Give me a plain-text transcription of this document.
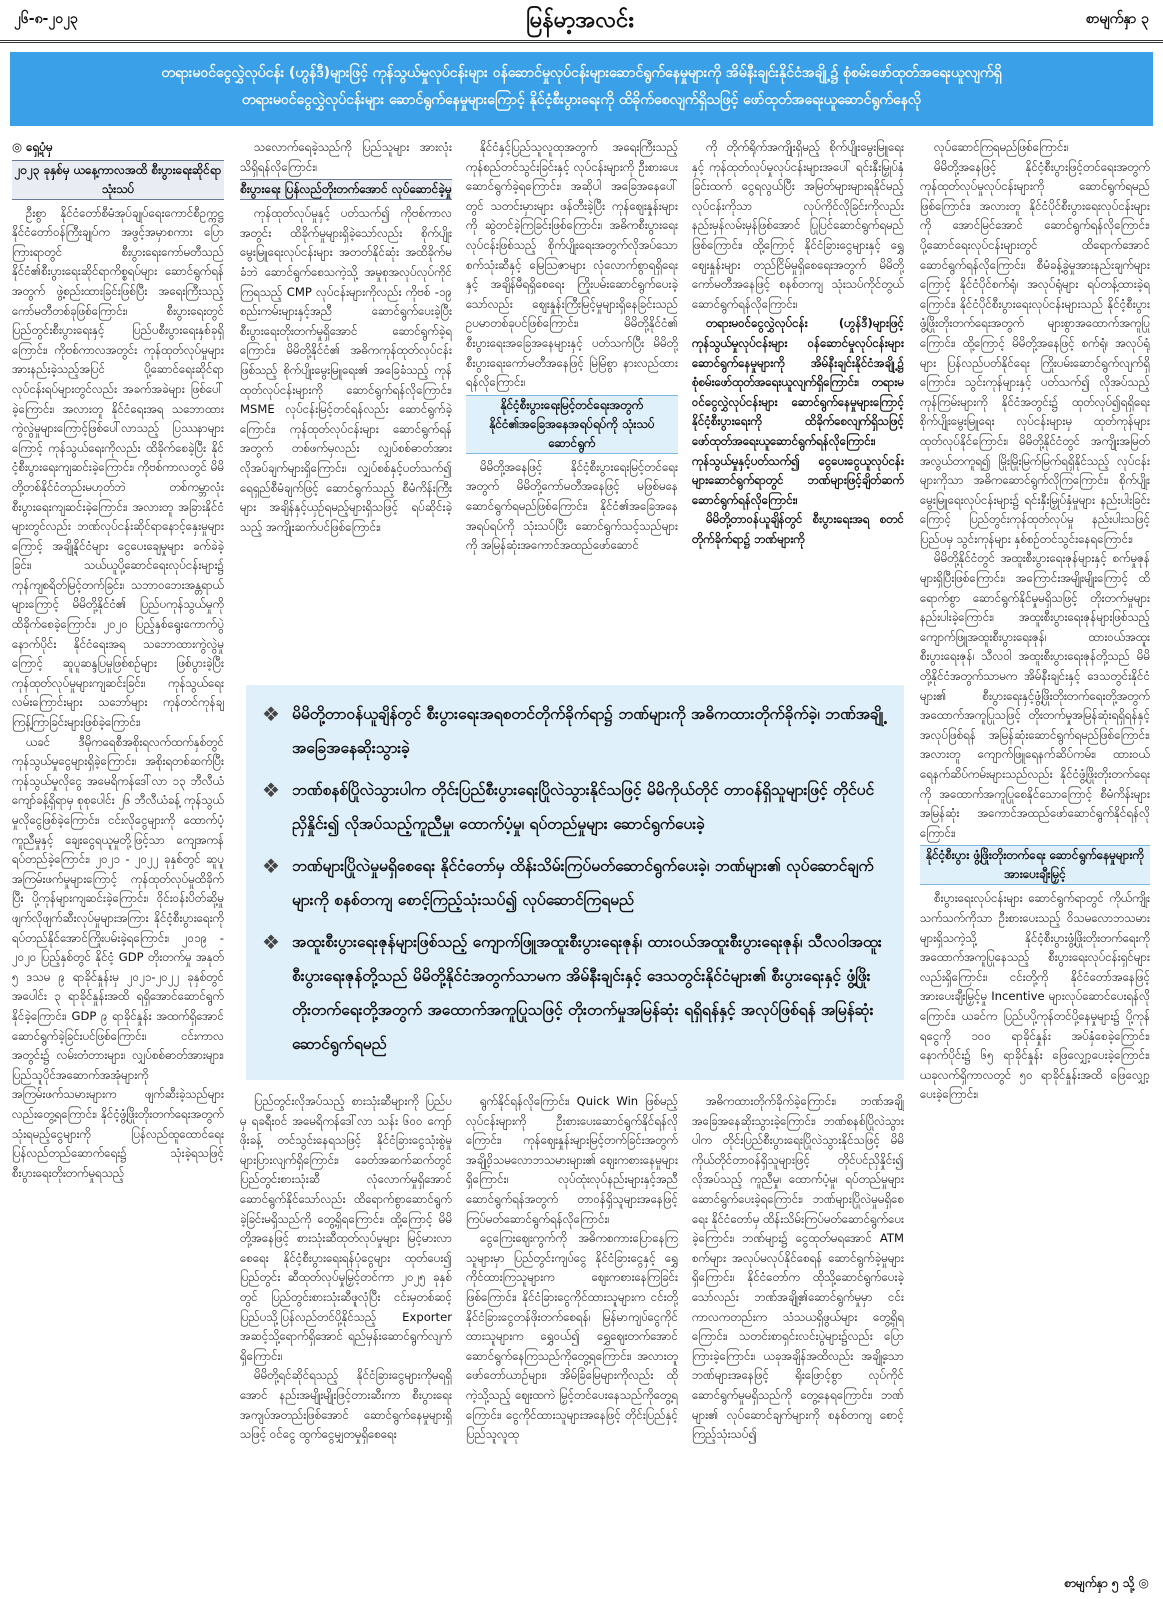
၂၆-၈-၂၀၂၃	မြန်မာ့အလင်း	စာမျက်နှာ ၃

တရားမဝင်ငွေလွှဲလုပ်ငန်း (ဟွန်ဒီ)များဖြင့် ကုန်သွယ်မှုလုပ်ငန်းများ ဝန်ဆောင်မှုလုပ်ငန်းများဆောင်ရွက်နေမှုများကို အိမ်နီးချင်းနိုင်ငံအချို့၌ စုံစမ်းဖော်ထုတ်အရေးယူလျက်ရှိ

တရားမဝင်ငွေလွှဲလုပ်ငန်းများ ဆောင်ရွက်နေမှုများကြောင့် နိုင်ငံ့စီးပွားရေးကို ထိခိုက်စေလျက်ရှိသဖြင့် ဖော်ထုတ်အရေးယူဆောင်ရွက်နေလို

◎ ရှေ့ပုံမှ
၂၀၂၃ ခုနှစ်မှ ယနေ့ကာလအထိ စီးပွားရေးဆိုင်ရာသုံးသပ်

ဦးစွာ နိုင်ငံတော်စီမံအုပ်ချုပ်ရေးကောင်စီဥက္ကဋ္ဌ နိုင်ငံတော်ဝန်ကြီးချုပ်က အဖွင့်အမှာစကား ပြောကြားရာတွင် စီးပွားရေးကော်မတီသည် နိုင်ငံ၏စီးပွားရေးဆိုင်ရာကိစ္စရပ်များ ဆောင်ရွက်ရန်အတွက် ဖွဲ့စည်းထားခြင်းဖြစ်ပြီး အရေးကြီးသည့် ကော်မတီတစ်ခုဖြစ်ကြောင်း၊ စီးပွားရေးတွင် ပြည်တွင်းစီးပွားရေးနှင့် ပြည်ပစီးပွားရေးနှစ်ခုရှိကြောင်း၊ ကိုဗစ်ကာလအတွင်း ကုန်ထုတ်လုပ်မှုများ အားနည်းခဲ့သည့်အပြင် ပို့ဆောင်ရေးဆိုင်ရာ လုပ်ငန်းရပ်များတွင်လည်း အခက်အခဲများ ဖြစ်ပေါ်ခဲ့ကြောင်း၊ အလားတူ နိုင်ငံရေးအရ သဘောထားကွဲလွဲမှုများကြောင့်ဖြစ်ပေါ်လာသည့် ပြဿနာများကြောင့် ကုန်သွယ်ရေးကိုလည်း ထိခိုက်စေခဲ့ပြီး နိုင်ငံ့စီးပွားရေးကျဆင်းခဲ့ကြောင်း၊ ကိုဗစ်ကာလတွင် မိမိတို့တစ်နိုင်ငံတည်းမဟုတ်ဘဲ တစ်ကမ္ဘာလုံး စီးပွားရေးကျဆင်းခဲ့ကြောင်း၊ အလားတူ အခြားနိုင်ငံများတွင်လည်း ဘဏ်လုပ်ငန်းဆိုင်ရာနောင့်နှေးမှုများကြောင့် အချို့နိုင်ငံများ ငွေပေးချေမှုများ ခက်ခဲခဲ့ခြင်း၊ သယ်ယူပို့ဆောင်ရေးလုပ်ငန်းများ၌ ကုန်ကျစရိတ်မြင့်တက်ခြင်း၊ သဘာဝဘေးအန္တရာယ်များကြောင့် မိမိတို့နိုင်ငံ၏ ပြည်ပကုန်သွယ်မှုကို ထိခိုက်စေခဲ့ကြောင်း၊ ၂၀၂၀ ပြည့်နှစ်ရွေးကောက်ပွဲနောက်ပိုင်း နိုင်ငံရေးအရ သဘောထားကွဲလွဲမှုကြောင့် ဆူပူဆန္ဒပြမှုဖြစ်စဉ်များ ဖြစ်ပွားခဲ့ပြီး ကုန်ထုတ်လုပ်မှုများကျဆင်းခြင်း၊ ကုန်သွယ်ရေးလမ်းကြောင်းများ သဘော်များ ကုန်တင်ကုန်ချကြန့်ကြာခြင်းများဖြစ်ခဲ့ကြောင်း၊

ယခင် ဒီမိုကရေစီအစိုးရလက်ထက်နှစ်တွင် ကုန်သွယ်မှုငွေများရှိခဲ့ကြောင်း၊ အစိုးရတစ်ဆက်ပြီး ကုန်သွယ်မှုလိုငွေ အမေရိကန်ဒေါ်လာ ၁၃ ဘီလီယံကျော်ခန့်ရှိရာမှ စုစုပေါင်း ၂၆ ဘီလီယံခန့် ကုန်သွယ်မှုလိုငွေဖြစ်ခဲ့ကြောင်း၊ ငင်းလိုငွေများကို ထောက်ပံ့ကူညီမှုနှင့် ချေးငွေရယူမှုတို့ဖြင့်သာ ကျေအကန် ရပ်တည်ခဲ့ကြောင်း၊ ၂၀၂၁ - ၂၀၂၂ ခုနှစ်တွင် ဆူပူအကြမ်းဖက်မှုများကြောင့် ကုန်ထုတ်လုပ်မှုထိခိုက်ပြီး ပို့ကုန်များကျဆင်းခဲ့ကြောင်း၊ ဝိုင်းဝန်းပိတ်ဆို့မှုဖျက်လိုဖျက်ဆီးလုပ်မှုများအကြား နိုင်ငံ့စီးပွားရေးကို ရပ်တည်နိုင်အောင်ကြိုးပမ်းခဲ့ရကြောင်း၊ ၂၀၁၉ - ၂၀၂၀ ပြည့်နှစ်တွင် နိုင်ငံ့ GDP တိုးတက်မှု အနုတ် ၅ ဒသမ ၉ ရာခိုင်နှုန်းမှ ၂၀၂၁-၂၀၂၂ ခုနှစ်တွင် အပေါင်း ၃ ရာခိုင်နှုန်းအထိ ရရှိအောင်ဆောင်ရွက်နိုင်ခဲ့ကြောင်း၊ GDP ၉ ရာခိုင်နှုန်း အထက်ရှိအောင် ဆောင်ရွက်ခဲ့ခြင်းပင်ဖြစ်ကြောင်း၊ ငင်းကာလအတွင်း၌ လမ်းတံတားများ၊ လျှပ်စစ်ဓာတ်အားများ၊ ပြည်သူပိုင်အဆောက်အအုံများကို အကြမ်းဖက်သမားများက ဖျက်ဆီးခဲ့သည်များလည်းတွေ့ရကြောင်း၊ နိုင်ငံ့ဖွံ့ဖြိုးတိုးတက်ရေးအတွက် သုံးရမည့်ငွေများကို ပြန်လည်ထူထောင်ရေး ပြန်လည်တည်ဆောက်ရေး၌ သုံးခဲ့ရသဖြင့် စီးပွားရေးတိုးတက်မှုရသည့်

သလောက်ရေခဲ့သည်ကို ပြည်သူများ အားလုံး သိရှိရန်လိုကြောင်း၊

စီးပွားရေး ပြန်လည်တိုးတက်အောင် လုပ်ဆောင်ခဲ့မှု

ကုန်ထုတ်လုပ်မှုနှင့် ပတ်သက်၍ ကိုဗစ်ကာလအတွင်း ထိခိုက်မှုများရှိခဲ့သော်လည်း စိုက်ပျိုးမွေးမြူရေးလုပ်ငန်းများ အတတ်နိုင်ဆုံး အထိခိုက်မခံဘဲ ဆောင်ရွက်စေသကဲ့သို့ အမှုစုအလုပ်လုပ်ကိုင်ကြရသည့် CMP လုပ်ငန်းများကိုလည်း ကိုဗစ် -၁၉ စည်းကမ်းများနှင့်အညီ ဆောင်ရွက်ပေးခဲ့ပြီး စီးပွားရေးတိုးတက်မှုရှိအောင် ဆောင်ရွက်ခဲ့ရကြောင်း၊ မိမိတို့နိုင်ငံ၏ အဓိကကုန်ထုတ်လုပ်ငန်းဖြစ်သည့် စိုက်ပျိုးမွေးမြူရေး၏ အခြေခံသည့် ကုန်ထုတ်လုပ်ငန်းများကို ဆောင်ရွက်ရန်လိုကြောင်း၊ MSME လုပ်ငန်းမြင့်တင်ရန်လည်း ဆောင်ရွက်ခဲ့ကြောင်း၊ ကုန်ထုတ်လုပ်ငန်းများ ဆောင်ရွက်ရန်အတွက် တစ်ဖက်မှလည်း လျှပ်စစ်ဓာတ်အားလိုအပ်ချက်များရှိကြောင်း၊ လျှပ်စစ်နှင့်ပတ်သက်၍ ရေရှည်စီမံချက်ဖြင့် ဆောင်ရွက်သည့် စီမံကိန်းကြီးများ အချိန်နှင့်ယှဉ်ရမည့်များရှိသဖြင့် ရပ်ဆိုင်းခဲ့သည့် အကျိုးဆက်ပင်ဖြစ်ကြောင်း၊

ပြည်တွင်းလိုအပ်သည့် စားသုံးဆီများကို ပြည်ပမှ ရခရီးဝင် အမေရိကန်ဒေါ်လာ သန်း ၆၀၀ ကျော်ဖိုးခန့် တင်သွင်းနေရသဖြင့် နိုင်ငံခြားငွေသုံးစွဲမှု များပြားလျက်ရှိကြောင်း၊ ခေတ်အဆက်ဆက်တွင် ပြည်တွင်းစားသုံးဆီ လုံလောက်မှုရှိအောင် ဆောင်ရွက်နိုင်သော်လည်း ထိရောက်စွာဆောင်ရွက်ခဲ့ခြင်းမရှိသည်ကို တွေ့ရှိရကြောင်း၊ ထို့ကြောင့် မိမိတို့အနေဖြင့် စားသုံးဆီထုတ်လုပ်မှုများ မြင့်မားလာစေရေး နိုင်ငံ့စီးပွားရေးရန်ပုံငွေများ ထုတ်ပေး၍ ပြည်တွင်း ဆီထုတ်လုပ်မှုမြှင့်တင်ကာ ၂၀၂၅ ခုနှစ်တွင် ပြည်တွင်းစားသုံးဆီဖူလုံပြီး ငင်းမှတစ်ဆင့် ပြည်ပသို့ပြန်လည်တင်ပို့နိုင်သည့် Exporter အဆင့်သို့ရောက်ရှိအောင် ရည်မှန်းဆောင်ရွက်လျက်ရှိကြောင်း၊

မိမိတို့ရင်ဆိုင်ရသည့် နိုင်ငံခြားငွေများကိုမရရှိအောင် နည်းအမျိုးမျိုးဖြင့်တားဆီးကာ စီးပွားရေးအကျပ်အတည်းဖြစ်အောင် ဆောင်ရွက်နေမှုများရှိသဖြင့် ဝင်ငွေ ထွက်ငွေမျှတမှုရှိစေရေး

နိုင်ငံနှင့်ပြည်သူလူထုအတွက် အရေးကြီးသည့် ကုန်စည်တင်သွင်းခြင်းနှင့် လုပ်ငန်းများကို ဦးစားပေးဆောင်ရွက်ခဲ့ရကြောင်း၊ အဆိုပါ အခြေအနေပေါ်တွင် သတင်းမှားများ ဖန်တီးခဲ့ပြီး ကုန်ဈေးနှုန်းများကို ဆွဲတင်ခဲ့ကြခြင်းဖြစ်ကြောင်း၊ အဓိကစီးပွားရေးလုပ်ငန်းဖြစ်သည့် စိုက်ပျိုးရေးအတွက်လိုအပ်သော စက်သုံးဆီနှင့် မြေသြဇာများ လုံလောက်စွာရရှိရေးနှင့် အချိန်မီရရှိစေရေး ကြိုးပမ်းဆောင်ရွက်ပေးခဲ့သော်လည်း ဈေးနှုန်းကြီးမြင့်မှုများရှိနေခြင်းသည် ဥပမာတစ်ခုပင်ဖြစ်ကြောင်း၊ မိမိတို့နိုင်ငံ၏ စီးပွားရေးအခြေအနေများနှင့် ပတ်သက်ပြီး မိမိတို့စီးပွားရေးကော်မတီအနေဖြင့် မြဲမြံစွာ နားလည်ထားရန်လိုကြောင်း၊

နိုင်ငံ့စီးပွားရေးမြင့်တင်ရေးအတွက် နိုင်ငံ၏အခြေအနေအရပ်ရပ်ကို သုံးသပ်ဆောင်ရွက်

မိမိတို့အနေဖြင့် နိုင်ငံ့စီးပွားရေးမြင့်တင်ရေးအတွက် မိမိတို့ကော်မတီအနေဖြင့် မဖြစ်မနေ ဆောင်ရွက်ရမည်ဖြစ်ကြောင်း၊ နိုင်ငံ၏အခြေအနေအရပ်ရပ်ကို သုံးသပ်ပြီး ဆောင်ရွက်သင့်သည်များကို အမြန်ဆုံးအကောင်အထည်ဖော်ဆောင်

ရွက်နိုင်ရန်လိုကြောင်း၊ Quick Win ဖြစ်မည့်လုပ်ငန်းများကို ဦးစားပေးဆောင်ရွက်နိုင်ရန်လိုကြောင်း၊ ကုန်ဈေးနှုန်းများမြင့်တက်ခြင်းအတွက် အချို့ဝိသမလောဘသမားများ၏ ဈေးကစားနေမှုများရှိကြောင်း၊ လုပ်ထုံးလုပ်နည်းများနှင့်အညီ ဆောင်ရွက်ရန်အတွက် တာဝန်ရှိသူများအနေဖြင့် ကြပ်မတ်ဆောင်ရွက်ရန်လိုကြောင်း၊

ငွေကြေးဈေးကွက်ကို အဓိကစကားပြောနေကြသူများမှာ ပြည်တွင်းကျပ်ငွေ နိုင်ငံခြားငွေနှင့် ရွှေကိုင်ထားကြသူများက ဈေးကစားနေကြခြင်းဖြစ်ကြောင်း၊ နိုင်ငံခြားငွေကိုင်ထားသူများက ငင်းတို့နိုင်ငံခြားငွေတန်ဖိုးတက်စေရန်၊ မြန်မာကျပ်ငွေကိုင်ထားသူများက ရွှေဝယ်၍ ရွှေဈေးတက်အောင် ဆောင်ရွက်နေကြသည်ကိုတွေ့ရကြောင်း၊ အလားတူ ဖော်တော်ယာဉ်များ၊ အိမ်ခြံမြေများကိုလည်း ထိုကဲ့သို့သည့် ဈေးထကဲ မြှင့်တင်ပေးနေသည်ကိုတွေ့ရကြောင်း၊ ငွေကိုင်ထားသူများအနေဖြင့် တိုင်းပြည်နှင့် ပြည်သူလူထု

ကို တိုက်ရိုက်အကျိုးရှိမည့် စိုက်ပျိုးမွေးမြူရေးနှင့် ကုန်ထုတ်လုပ်မှုလုပ်ငန်းများအပေါ် ရင်းနှီးမြှုပ်နှံခြင်းထက် ငွေရလွယ်ပြီး အမြတ်များများရနိုင်မည့် လုပ်ငန်းကိုသာ လုပ်ကိုင်လိုခြင်းကိုလည်း နည်းမှန်လမ်းမှန်ဖြစ်အောင် ပြုပြင်ဆောင်ရွက်ရမည်ဖြစ်ကြောင်း၊ ထို့ကြောင့် နိုင်ငံခြားငွေများနှင့် ရွှေဈေးနှုန်းများ တည်ငြိမ်မှုရှိစေရေးအတွက် မိမိတို့ကော်မတီအနေဖြင့် စနစ်တကျ သုံးသပ်ကိုင်တွယ်ဆောင်ရွက်ရန်လိုကြောင်း၊

တရားမဝင်ငွေလွှဲလုပ်ငန်း (ဟွန်ဒီ)များဖြင့် ကုန်သွယ်မှုလုပ်ငန်းများ ဝန်ဆောင်မှုလုပ်ငန်းများဆောင်ရွက်နေမှုများကို အိမ်နီးချင်းနိုင်ငံအချို့၌ စုံစမ်းဖော်ထုတ်အရေးယူလျက်ရှိကြောင်း၊ တရားမဝင်ငွေလွှဲလုပ်ငန်းများ ဆောင်ရွက်နေမှုများကြောင့် နိုင်ငံ့စီးပွားရေးကို ထိခိုက်စေလျက်ရှိသဖြင့် ဖော်ထုတ်အရေးယူဆောင်ရွက်ရန်လိုကြောင်း၊ ကုန်သွယ်မှုနှင့်ပတ်သက်၍ ငွေပေးငွေယူလုပ်ငန်းများဆောင်ရွက်ရာတွင် ဘဏ်များဖြင့်ချိတ်ဆက်ဆောင်ရွက်ရန်လိုကြောင်း၊

မိမိတို့တာဝန်ယူချိန်တွင် စီးပွားရေးအရ စတင်တိုက်ခိုက်ရာ၌ ဘဏ်များကို

အဓိကထားတိုက်ခိုက်ခဲ့ကြောင်း၊ ဘဏ်အချို့ အခြေအနေဆိုးသွားခဲ့ကြောင်း၊ ဘဏ်စနစ်ပြိုလဲသွားပါက တိုင်းပြည်စီးပွားရေးပြိုလဲသွားနိုင်သဖြင့် မိမိကိုယ်တိုင်တာဝန်ရှိသူများဖြင့် တိုင်ပင်ညှိနှိုင်း၍ လိုအပ်သည့် ကူညီမှု၊ ထောက်ပံ့မှု၊ ရပ်တည်မှုများဆောင်ရွက်ပေးခဲ့ရကြောင်း၊ ဘဏ်များပြိုလဲမှုမရှိစေရေး နိုင်ငံတော်မှ ထိန်းသိမ်းကြပ်မတ်ဆောင်ရွက်ပေးခဲ့ကြောင်း၊ ဘဏ်များ၌ ငွေထုတ်မရအောင် ATM စက်များ အလုပ်မလုပ်နိုင်စေရန် ဆောင်ရွက်ခဲ့မှုများရှိကြောင်း၊ နိုင်ငံတော်က ထိုသို့ဆောင်ရွက်ပေးခဲ့သော်လည်း ဘဏ်အချို့၏ဆောင်ရွက်မှုမှာ ငင်းကာလကတည်းက သံသယရှိဖွယ်များ တွေ့ရှိရကြောင်း၊ သတင်းစာရှင်းလင်းပွဲများ၌လည်း ပြောကြားခဲ့ကြောင်း၊ ယခုအချိန်အထိလည်း အချို့သောဘဏ်များအနေဖြင့် ရိုးဖြောင့်စွာ လုပ်ကိုင်ဆောင်ရွက်မှုမရှိသည်ကို တွေ့နေရကြောင်း၊ ဘဏ်များ၏ လုပ်ဆောင်ချက်များကို စနစ်တကျ စောင့်ကြည့်သုံးသပ်၍

လုပ်ဆောင်ကြရမည်ဖြစ်ကြောင်း၊

မိမိတို့အနေဖြင့် နိုင်ငံ့စီးပွားဖြင့်တင်ရေးအတွက် ကုန်ထုတ်လုပ်မှုလုပ်ငန်းများကို ဆောင်ရွက်ရမည်ဖြစ်ကြောင်း၊ အလားတူ နိုင်ငံပိုင်စီးပွားရေးလုပ်ငန်းများကို အောင်မြင်အောင် ဆောင်ရွက်ရန်လိုကြောင်း၊ ပို့ဆောင်ရေးလုပ်ငန်းများတွင် ထိရောက်အောင် ဆောင်ရွက်ရန်လိုကြောင်း၊ စီမံခန့်ခွဲမှုအားနည်းချက်များကြောင့် နိုင်ငံပိုင်စက်ရုံ၊ အလုပ်ရုံများ ရပ်တန့်ထားခဲ့ရကြောင်း၊ နိုင်ငံပိုင်စီးပွားရေးလုပ်ငန်းများသည် နိုင်ငံ့စီးပွားဖွံ့ဖြိုးတိုးတက်ရေးအတွက် များစွာအထောက်အကူပြုကြောင်း၊ ထို့ကြောင့် မိမိတို့အနေဖြင့် စက်ရုံ၊ အလုပ်ရုံများ ပြန်လည်ပတ်နိုင်ရေး ကြိုးပမ်းဆောင်ရွက်လျက်ရှိကြောင်း၊ သွင်းကုန်များနှင့် ပတ်သက်၍ လိုအပ်သည့်ကုန်ကြမ်းများကို နိုင်ငံအတွင်း၌ ထုတ်လုပ်၍ရရှိရေး စိုက်ပျိုးမွေးမြူရေး လုပ်ငန်းများမှ ထုတ်ကုန်များထုတ်လုပ်နိုင်ကြောင်း၊ မိမိတို့နိုင်ငံတွင် အကျိုးအမြတ် အလွယ်တကူရ၍ မြိုးမြိုးမြက်မြက်ရရှိနိုင်သည့် လုပ်ငန်းများကိုသာ အဓိကဆောင်ရွက်လိုကြကြောင်း၊ စိုက်ပျိုးမွေးမြူရေးလုပ်ငန်းများ၌ ရင်းနှီးမြှုပ်နှံမှုများ နည်းပါးခြင်းကြောင့် ပြည်တွင်းကုန်ထုတ်လုပ်မှု နည်းပါးသဖြင့် ပြည်ပမှ သွင်းကုန်များ နှစ်စဉ်တင်သွင်းနေရကြောင်း၊

မိမိတို့နိုင်ငံတွင် အထူးစီးပွားရေးဇုန်များနှင့် စက်မှုဇုန်များရှိပြီးဖြစ်ကြောင်း၊ အကြောင်းအမျိုးမျိုးကြောင့် ထိရောက်စွာ ဆောင်ရွက်နိုင်မှုမရှိသဖြင့် တိုးတက်မှုများ နည်းပါးခဲ့ကြောင်း၊ အထူးစီးပွားရေးဇုန်များဖြစ်သည့် ကျောက်ဖြူအထူးစီးပွားရေးဇုန်၊ ထားဝယ်အထူးစီးပွားရေးဇုန်၊ သီလဝါ အထူးစီးပွားရေးဇုန်တို့သည် မိမိတို့နိုင်ငံအတွက်သာမက အိမ်နီးချင်းနှင့် ဒေသတွင်းနိုင်ငံများ၏ စီးပွားရေးနှင့်ဖွံ့ဖြိုးတိုးတက်ရေးတို့အတွက် အထောက်အကူပြုသဖြင့် တိုးတက်မှုအမြန်ဆုံးရရှိရန်နှင့် အလုပ်ဖြစ်ရန် အမြန်ဆုံးဆောင်ရွက်ရမည်ဖြစ်ကြောင်း၊ အလားတူ ကျောက်ဖြူရေနက်ဆိပ်ကမ်း၊ ထားဝယ်ရေနက်ဆိပ်ကမ်းများသည်လည်း နိုင်ငံဖွံ့ဖြိုးတိုးတက်ရေးကို အထောက်အကူပြုစေနိုင်သောကြောင့် စီမံကိန်းများ အမြန်ဆုံး အကောင်အထည်ဖော်ဆောင်ရွက်နိုင်ရန်လိုကြောင်း၊

နိုင်ငံ့စီးပွား ဖွံ့ဖြိုးတိုးတက်ရေး ဆောင်ရွက်နေမှုများကို အားပေးချီးမြှင့်

စီးပွားရေးလုပ်ငန်းများ ဆောင်ရွက်ရာတွင် ကိုယ်ကျိုးသက်သက်ကိုသာ ဦးစားပေးသည့် ဝိသမလောဘသမားများရှိသကဲ့သို့ နိုင်ငံ့စီးပွားဖွံ့ဖြိုးတိုးတက်ရေးကို အထောက်အကူပြုနေသည့် စီးပွားရေးလုပ်ငန်းရှင်များလည်းရှိကြောင်း၊ ငင်းတို့ကို နိုင်ငံတော်အနေဖြင့် အားပေးချီးမြှင့်မှု Incentive များလုပ်ဆောင်ပေးရန်လိုကြောင်း၊ ယခင်က ပြည်ပပို့ကုန်တင်ပို့နေမှုများ၌ ပို့ကုန်ရငွေကို ၁၀၀ ရာခိုင်နှုန်း အပ်နှံစေခဲ့ကြောင်း၊ နောက်ပိုင်း၌ ၆၅ ရာခိုင်နှုန်း ဖြေလျှော့ပေးခဲ့ကြောင်း၊ ယခုလက်ရှိကာလတွင် ၅၀ ရာခိုင်နှုန်းအထိ ဖြေလျှော့ပေးခဲ့ကြောင်း၊

❖ မိမိတို့တာဝန်ယူချိန်တွင် စီးပွားရေးအရစတင်တိုက်ခိုက်ရာ၌ ဘဏ်များကို အဓိကထားတိုက်ခိုက်ခဲ့၊ ဘဏ်အချို့ အခြေအနေဆိုးသွားခဲ့
❖ ဘဏ်စနစ်ပြိုလဲသွားပါက တိုင်းပြည်စီးပွားရေးပြိုလဲသွားနိုင်သဖြင့် မိမိကိုယ်တိုင် တာဝန်ရှိသူများဖြင့် တိုင်ပင်ညှိနှိုင်း၍ လိုအပ်သည့်ကူညီမှု၊ ထောက်ပံ့မှု၊ ရပ်တည်မှုများ ဆောင်ရွက်ပေးခဲ့
❖ ဘဏ်များပြိုလဲမှုမရှိစေရေး နိုင်ငံတော်မှ ထိန်းသိမ်းကြပ်မတ်ဆောင်ရွက်ပေးခဲ့၊ ဘဏ်များ၏ လုပ်ဆောင်ချက်များကို စနစ်တကျ စောင့်ကြည့်သုံးသပ်၍ လုပ်ဆောင်ကြရမည်
❖ အထူးစီးပွားရေးဇုန်များဖြစ်သည့် ကျောက်ဖြူအထူးစီးပွားရေးဇုန်၊ ထားဝယ်အထူးစီးပွားရေးဇုန်၊ သီလဝါအထူးစီးပွားရေးဇုန်တို့သည် မိမိတို့နိုင်ငံအတွက်သာမက အိမ်နီးချင်းနှင့် ဒေသတွင်းနိုင်ငံများ၏ စီးပွားရေးနှင့် ဖွံ့ဖြိုးတိုးတက်ရေးတို့အတွက် အထောက်အကူပြုသဖြင့် တိုးတက်မှုအမြန်ဆုံး ရရှိရန်နှင့် အလုပ်ဖြစ်ရန် အမြန်ဆုံးဆောင်ရွက်ရမည်
စာမျက်နှာ ၅ သို့ ◎
